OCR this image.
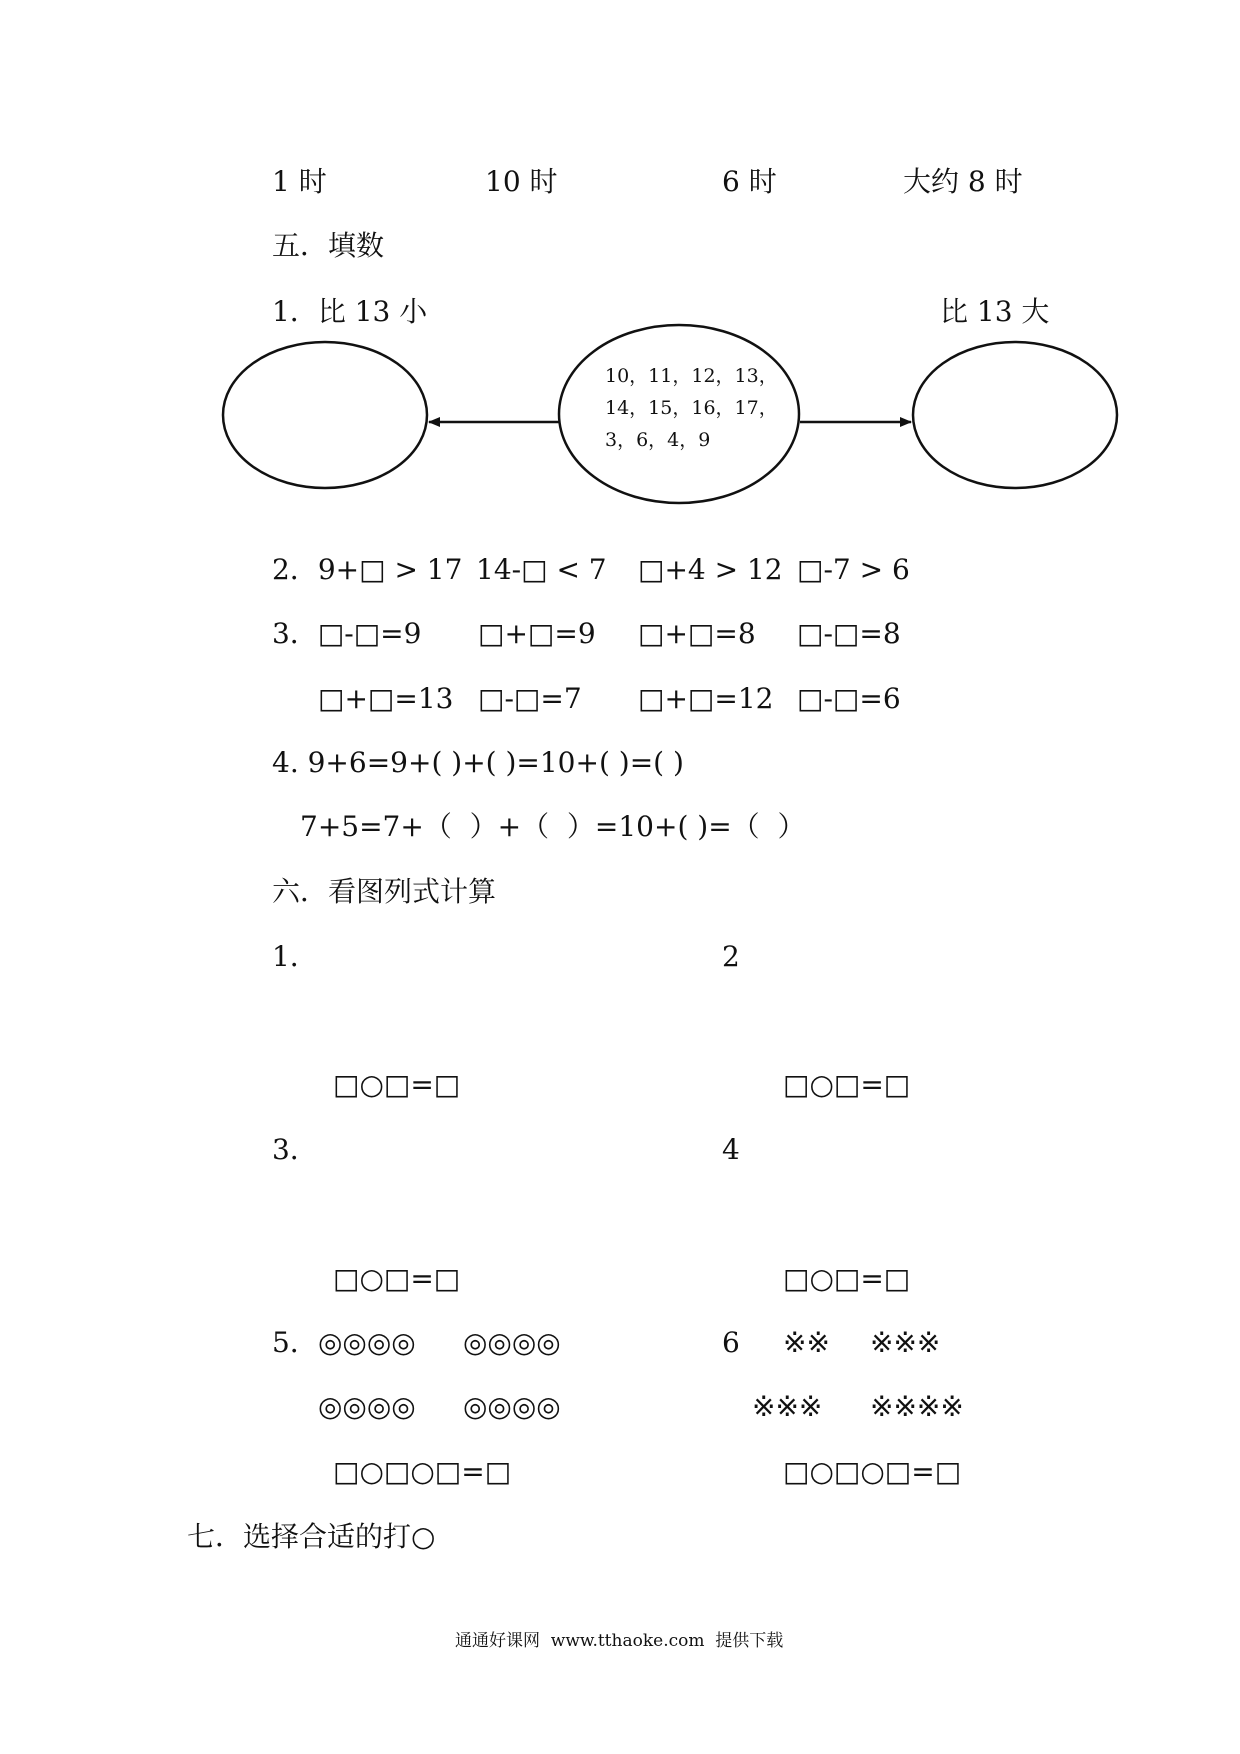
1 时	10 时	6 时	大约 8 时
五．填数
1．比 13 小	比 13 大
10，11，12，13，
14，15，16，17，
3，6，4，9
2．9+□ > 17 14-□ < 7 □+4 > 12 □-7 > 6
3．□-□=9 □+□=9 □+□=8 □-□=8
□+□=13 □-□=7 □+□=12 □-□=6
4. 9+6=9+( )+( )=10+( )=( )
7+5=7+（  ）+（  ）=10+( )=（  ）
六．看图列式计算
1．	2
□○□=□	□○□=□
3．	4
□○□=□	□○□=□
5． ◎◎◎◎ ◎◎◎◎
◎◎◎◎ ◎◎◎◎
6 ※※ ※※※
※※※ ※※※※
□○□○□=□	□○□○□=□
七．选择合适的打○
通通好课网  www.tthaoke.com  提供下载
